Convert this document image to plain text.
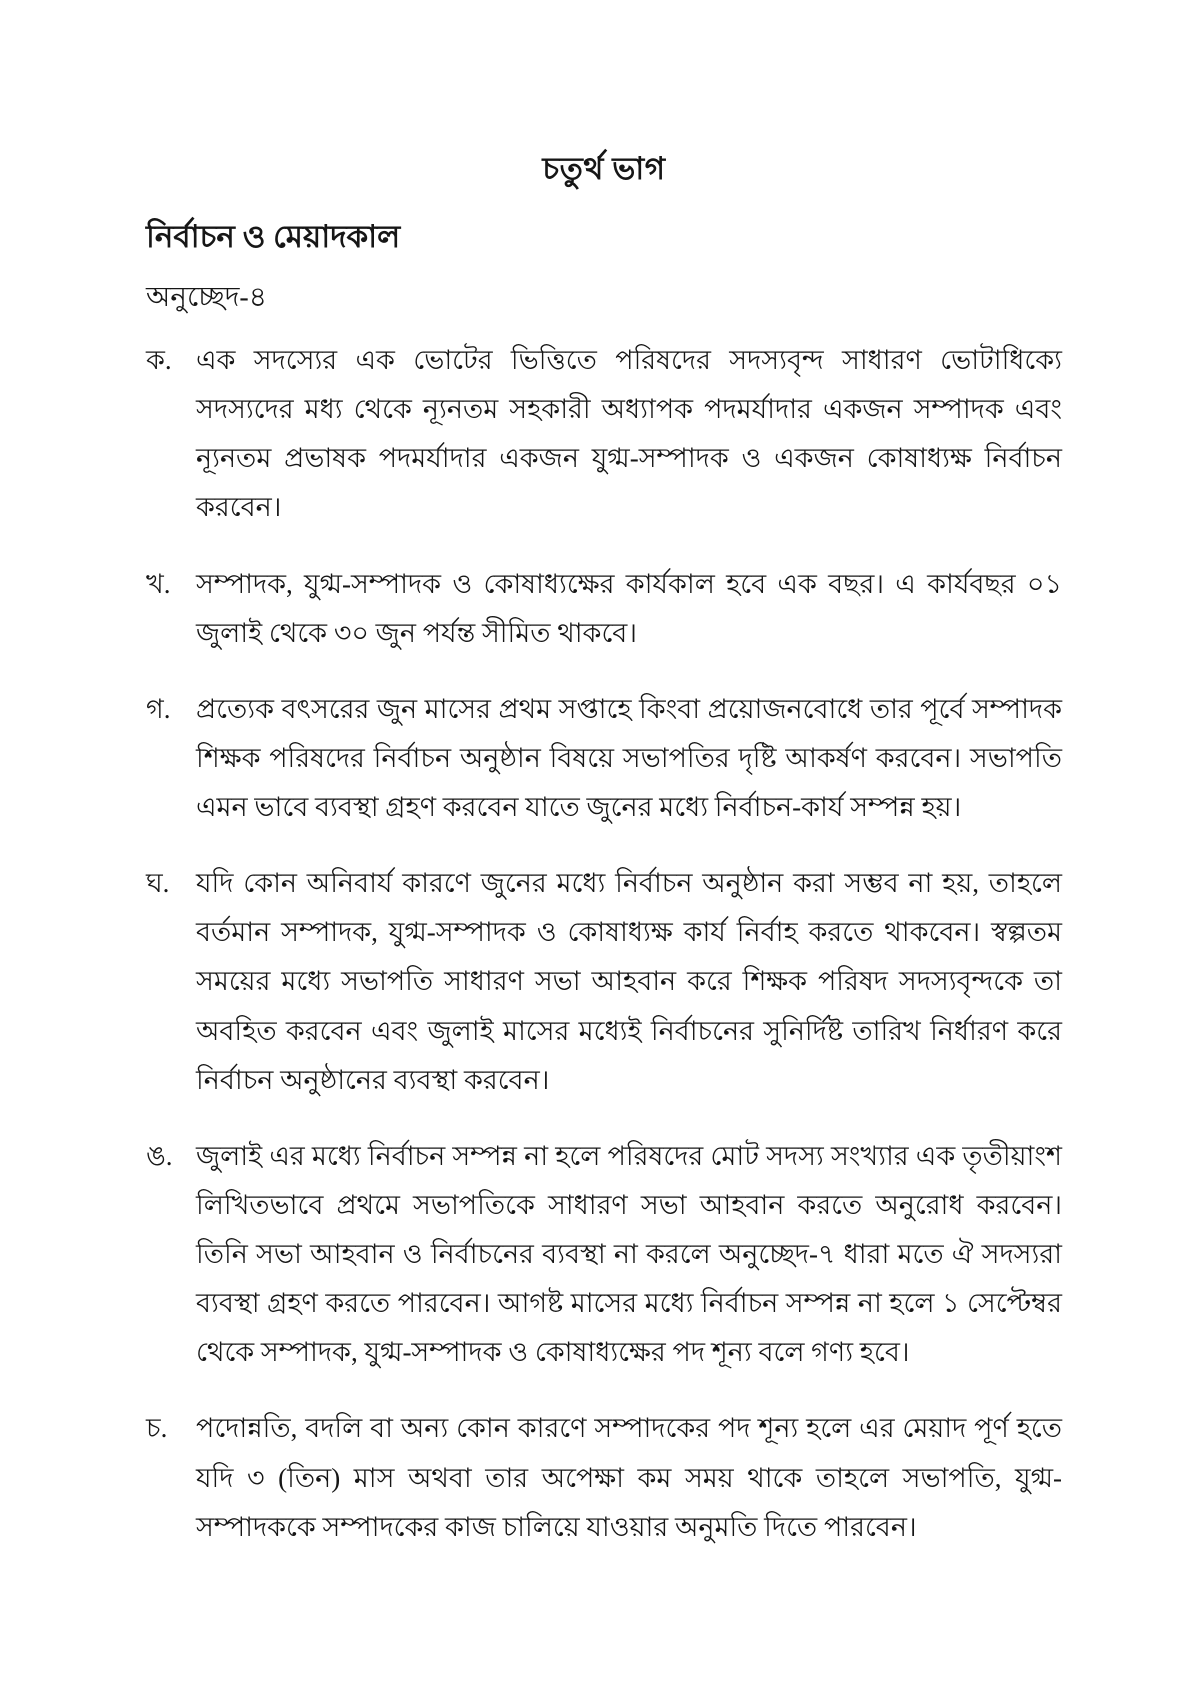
চতুর্থ ভাগ
নির্বাচন ও মেয়াদকাল
অনুচ্ছেদ-৪
ক. এক সদস্যের এক ভোটের ভিত্তিতে পরিষদের সদস্যবৃন্দ সাধারণ ভোটাধিক্যে সদস্যদের মধ্য থেকে ন্যূনতম সহকারী অধ্যাপক পদমর্যাদার একজন সম্পাদক এবং ন্যূনতম প্রভাষক পদমর্যাদার একজন যুগ্ম-সম্পাদক ও একজন কোষাধ্যক্ষ নির্বাচন করবেন।
খ. সম্পাদক, যুগ্ম-সম্পাদক ও কোষাধ্যক্ষের কার্যকাল হবে এক বছর। এ কার্যবছর ০১ জুলাই থেকে ৩০ জুন পর্যন্ত সীমিত থাকবে।
গ. প্রত্যেক বৎসরের জুন মাসের প্রথম সপ্তাহে কিংবা প্রয়োজনবোধে তার পূর্বে সম্পাদক শিক্ষক পরিষদের নির্বাচন অনুষ্ঠান বিষয়ে সভাপতির দৃষ্টি আকর্ষণ করবেন। সভাপতি এমন ভাবে ব্যবস্থা গ্রহণ করবেন যাতে জুনের মধ্যে নির্বাচন-কার্য সম্পন্ন হয়।
ঘ. যদি কোন অনিবার্য কারণে জুনের মধ্যে নির্বাচন অনুষ্ঠান করা সম্ভব না হয়, তাহলে বর্তমান সম্পাদক, যুগ্ম-সম্পাদক ও কোষাধ্যক্ষ কার্য নির্বাহ করতে থাকবেন। স্বল্পতম সময়ের মধ্যে সভাপতি সাধারণ সভা আহবান করে শিক্ষক পরিষদ সদস্যবৃন্দকে তা অবহিত করবেন এবং জুলাই মাসের মধ্যেই নির্বাচনের সুনির্দিষ্ট তারিখ নির্ধারণ করে নির্বাচন অনুষ্ঠানের ব্যবস্থা করবেন।
ঙ. জুলাই এর মধ্যে নির্বাচন সম্পন্ন না হলে পরিষদের মোট সদস্য সংখ্যার এক তৃতীয়াংশ লিখিতভাবে প্রথমে সভাপতিকে সাধারণ সভা আহবান করতে অনুরোধ করবেন। তিনি সভা আহবান ও নির্বাচনের ব্যবস্থা না করলে অনুচ্ছেদ-৭ ধারা মতে ঐ সদস্যরা ব্যবস্থা গ্রহণ করতে পারবেন। আগষ্ট মাসের মধ্যে নির্বাচন সম্পন্ন না হলে ১ সেপ্টেম্বর থেকে সম্পাদক, যুগ্ম-সম্পাদক ও কোষাধ্যক্ষের পদ শূন্য বলে গণ্য হবে।
চ.	পদোন্নতি, বদলি বা অন্য কোন কারণে সম্পাদকের পদ শূন্য হলে এর মেয়াদ পূর্ণ হতে যদি ৩ (তিন) মাস অথবা তার অপেক্ষা কম সময় থাকে তাহলে সভাপতি, যুগ্ম-সম্পাদককে সম্পাদকের কাজ চালিয়ে যাওয়ার অনুমতি দিতে পারবেন।
